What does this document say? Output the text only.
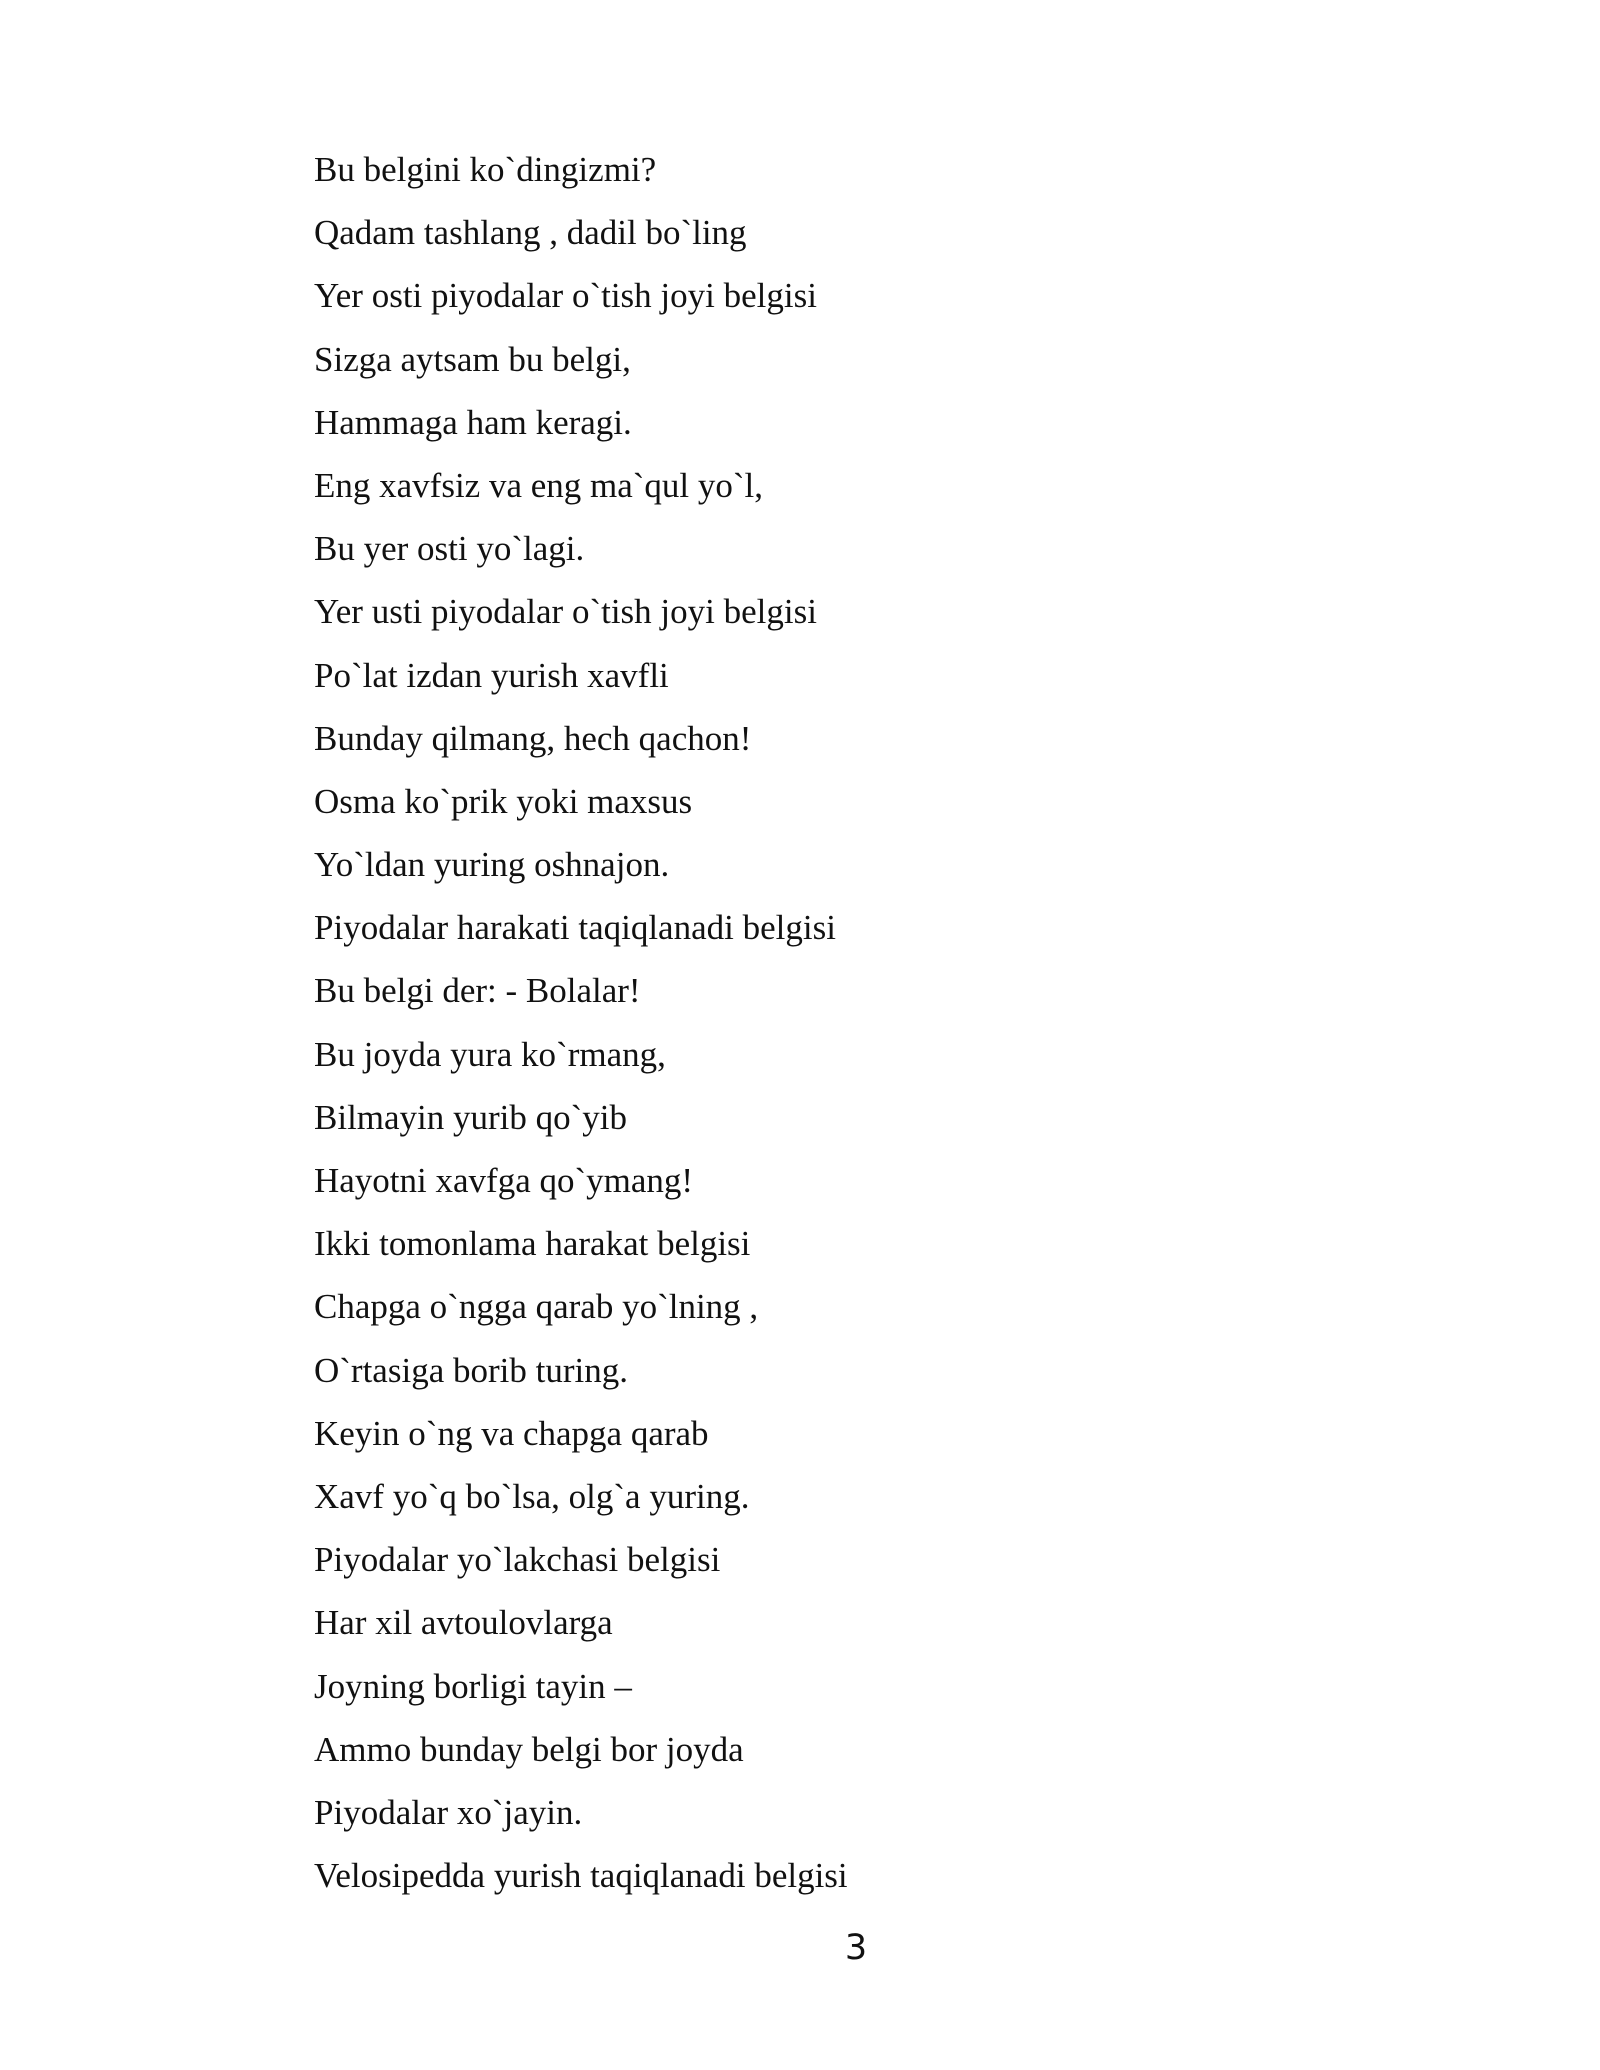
Bu belgini ko`dingizmi?
Qadam tashlang , dadil bo`ling
Yer osti piyodalar o`tish joyi belgisi
Sizga aytsam bu belgi,
Hammaga ham keragi.
Eng xavfsiz va eng ma`qul yo`l,
Bu yer osti yo`lagi.
Yer usti piyodalar o`tish joyi belgisi
Po`lat izdan yurish xavfli
Bunday qilmang, hech qachon!
Osma ko`prik yoki maxsus
Yo`ldan yuring oshnajon.
Piyodalar harakati taqiqlanadi belgisi
Bu belgi der: - Bolalar!
Bu joyda yura ko`rmang,
Bilmayin yurib qo`yib
Hayotni xavfga qo`ymang!
Ikki tomonlama harakat belgisi
Chapga o`ngga qarab yo`lning ,
O`rtasiga borib turing.
Keyin o`ng va chapga qarab
Xavf yo`q bo`lsa, olg`a yuring.
Piyodalar yo`lakchasi belgisi
Har xil avtoulovlarga
Joyning borligi tayin –
Ammo bunday belgi bor joyda
Piyodalar xo`jayin.
Velosipedda yurish taqiqlanadi belgisi
3
